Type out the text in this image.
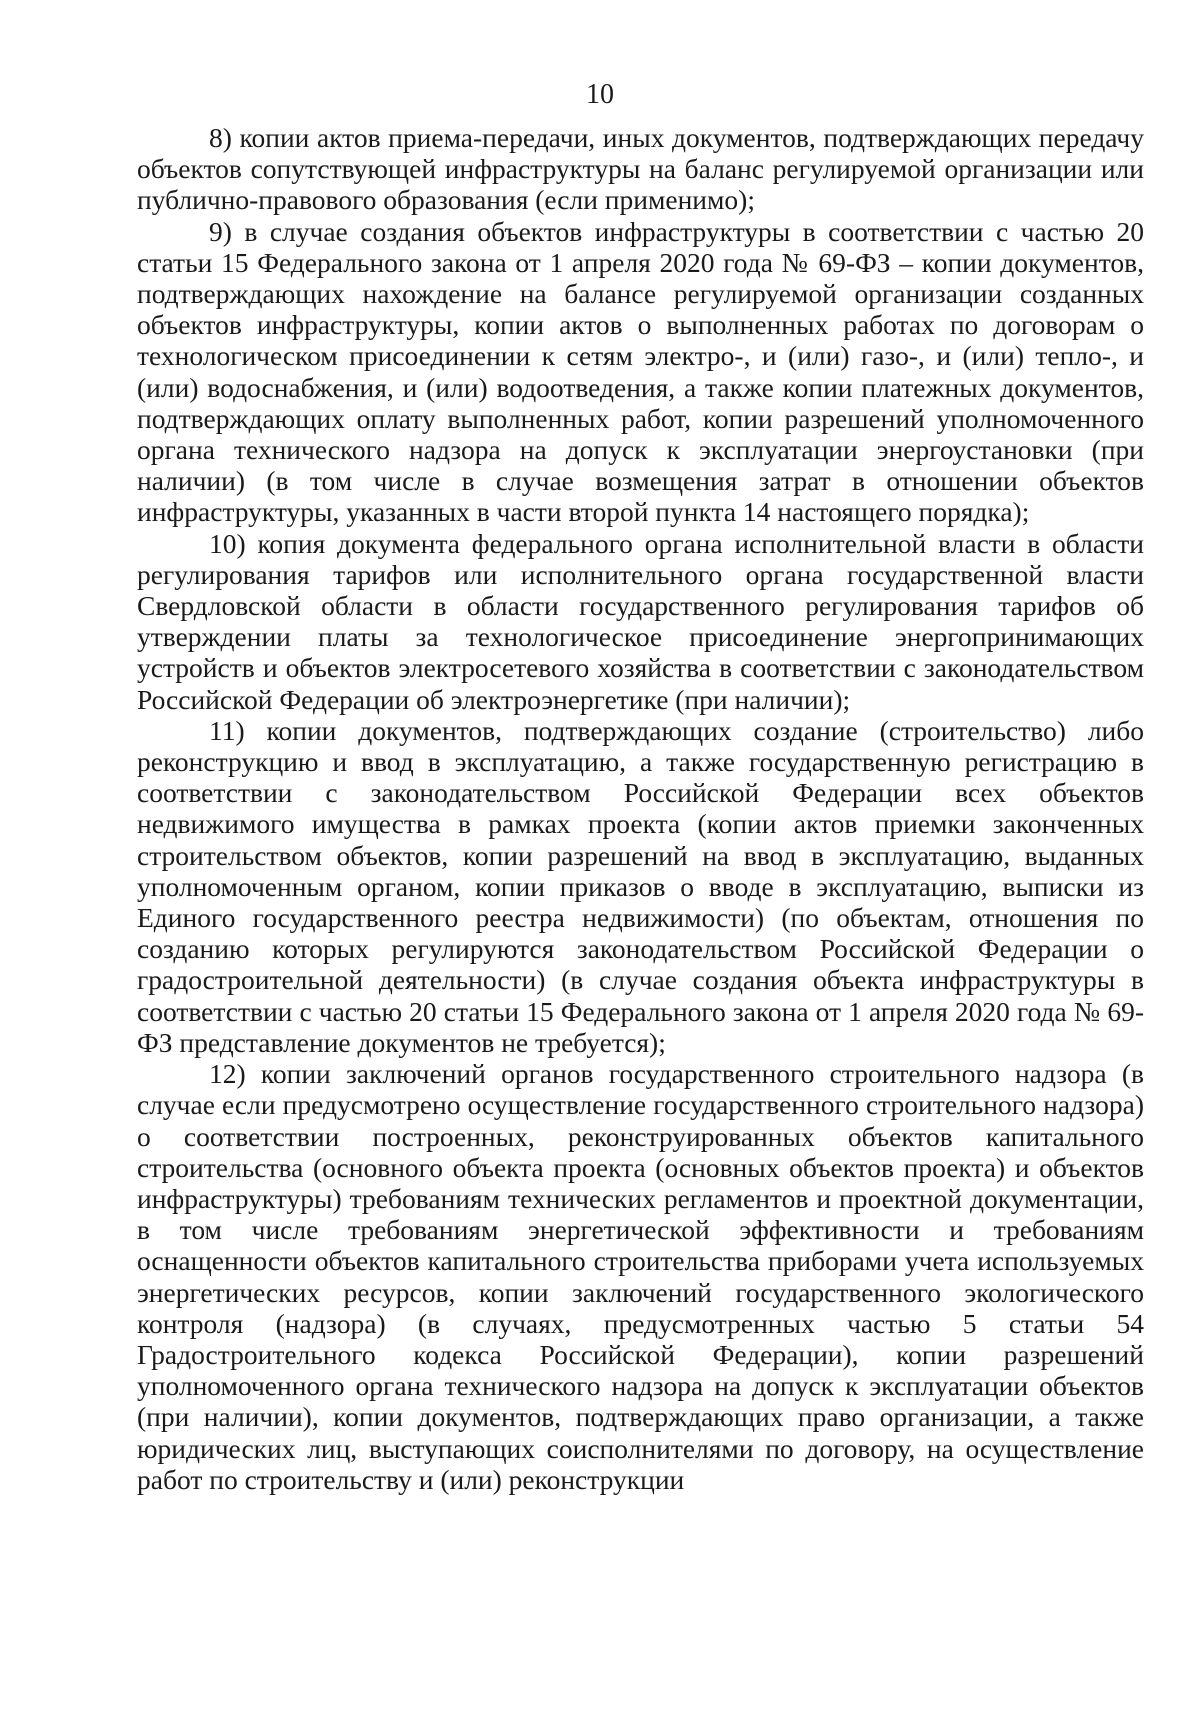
10

8) копии актов приема-передачи, иных документов, подтверждающих передачу объектов сопутствующей инфраструктуры на баланс регулируемой организации или публично-правового образования (если применимо);

9) в случае создания объектов инфраструктуры в соответствии с частью 20 статьи 15 Федерального закона от 1 апреля 2020 года № 69-ФЗ – копии документов, подтверждающих нахождение на балансе регулируемой организации созданных объектов инфраструктуры, копии актов о выполненных работах по договорам о технологическом присоединении к сетям электро-, и (или) газо-, и (или) тепло-, и (или) водоснабжения, и (или) водоотведения, а также копии платежных документов, подтверждающих оплату выполненных работ, копии разрешений уполномоченного органа технического надзора на допуск к эксплуатации энергоустановки (при наличии) (в том числе в случае возмещения затрат в отношении объектов инфраструктуры, указанных в части второй пункта 14 настоящего порядка);

10) копия документа федерального органа исполнительной власти в области регулирования тарифов или исполнительного органа государственной власти Свердловской области в области государственного регулирования тарифов об утверждении платы за технологическое присоединение энергопринимающих устройств и объектов электросетевого хозяйства в соответствии с законодательством Российской Федерации об электроэнергетике (при наличии);

11) копии документов, подтверждающих создание (строительство) либо реконструкцию и ввод в эксплуатацию, а также государственную регистрацию в соответствии с законодательством Российской Федерации всех объектов недвижимого имущества в рамках проекта (копии актов приемки законченных строительством объектов, копии разрешений на ввод в эксплуатацию, выданных уполномоченным органом, копии приказов о вводе в эксплуатацию, выписки из Единого государственного реестра недвижимости) (по объектам, отношения по созданию которых регулируются законодательством Российской Федерации о градостроительной деятельности) (в случае создания объекта инфраструктуры в соответствии с частью 20 статьи 15 Федерального закона от 1 апреля 2020 года № 69-ФЗ представление документов не требуется);

12) копии заключений органов государственного строительного надзора (в случае если предусмотрено осуществление государственного строительного надзора) о соответствии построенных, реконструированных объектов капитального строительства (основного объекта проекта (основных объектов проекта) и объектов инфраструктуры) требованиям технических регламентов и проектной документации, в том числе требованиям энергетической эффективности и требованиям оснащенности объектов капитального строительства приборами учета используемых энергетических ресурсов, копии заключений государственного экологического контроля (надзора) (в случаях, предусмотренных частью 5 статьи 54 Градостроительного кодекса Российской Федерации), копии разрешений уполномоченного органа технического надзора на допуск к эксплуатации объектов (при наличии), копии документов, подтверждающих право организации, а также юридических лиц, выступающих соисполнителями по договору, на осуществление работ по строительству и (или) реконструкции
